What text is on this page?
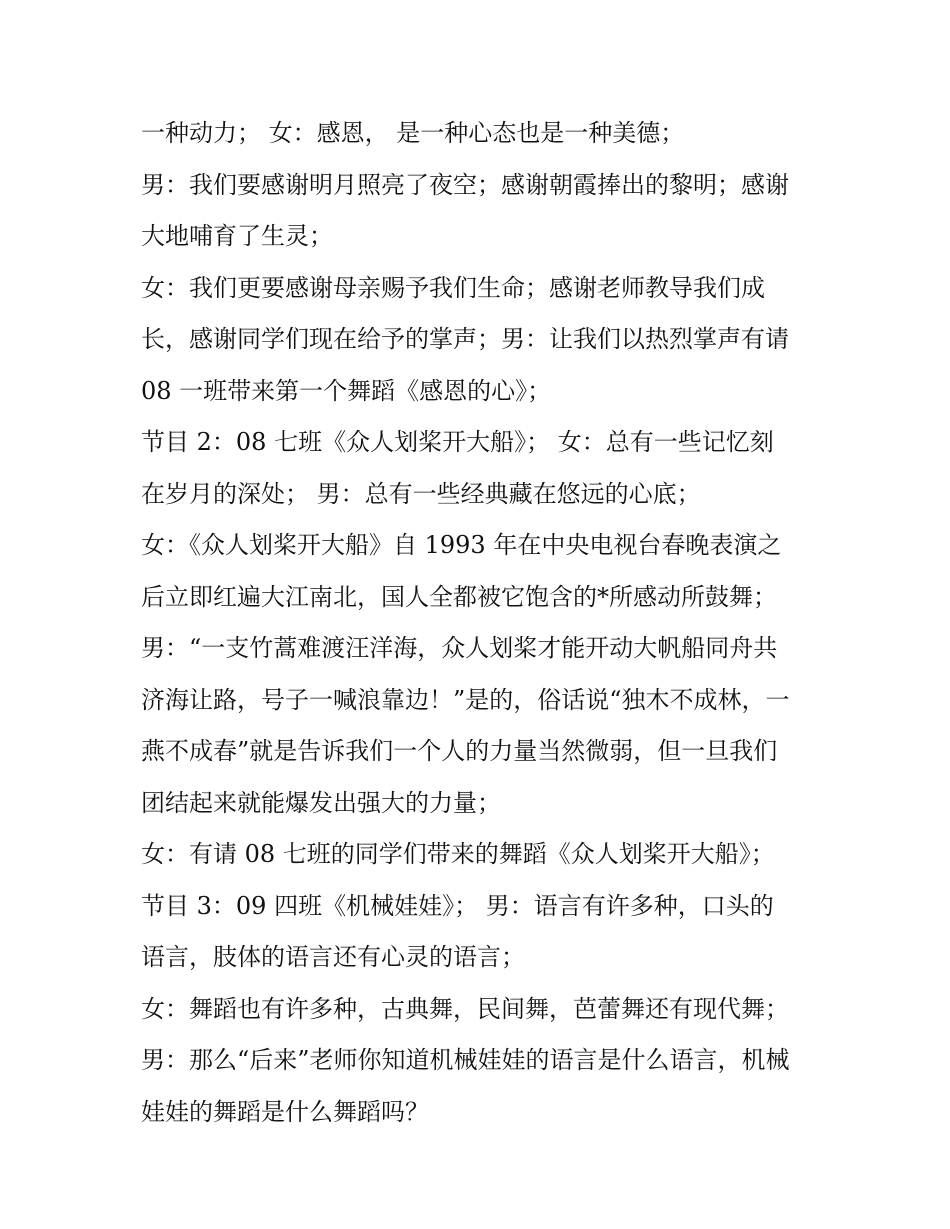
一种动力； 女：感恩， 是一种心态也是一种美德；
男：我们要感谢明月照亮了夜空；感谢朝霞捧出的黎明；感谢
大地哺育了生灵；
女：我们更要感谢母亲赐予我们生命；感谢老师教导我们成
长，感谢同学们现在给予的掌声；男：让我们以热烈掌声有请
08 一班带来第一个舞蹈《感恩的心》；
节目 2：08 七班《众人划桨开大船》； 女：总有一些记忆刻
在岁月的深处； 男：总有一些经典藏在悠远的心底；
女：《众人划桨开大船》自 1993 年在中央电视台春晚表演之
后立即红遍大江南北，国人全都被它饱含的*所感动所鼓舞；
男：“一支竹蒿难渡汪洋海，众人划桨才能开动大帆船同舟共
济海让路，号子一喊浪靠边！”是的，俗话说“独木不成林，一
燕不成春”就是告诉我们一个人的力量当然微弱，但一旦我们
团结起来就能爆发出强大的力量；
女：有请 08 七班的同学们带来的舞蹈《众人划桨开大船》；
节目 3：09 四班《机械娃娃》； 男：语言有许多种，口头的
语言，肢体的语言还有心灵的语言；
女：舞蹈也有许多种，古典舞，民间舞，芭蕾舞还有现代舞；
男：那么“后来”老师你知道机械娃娃的语言是什么语言，机械
娃娃的舞蹈是什么舞蹈吗？
